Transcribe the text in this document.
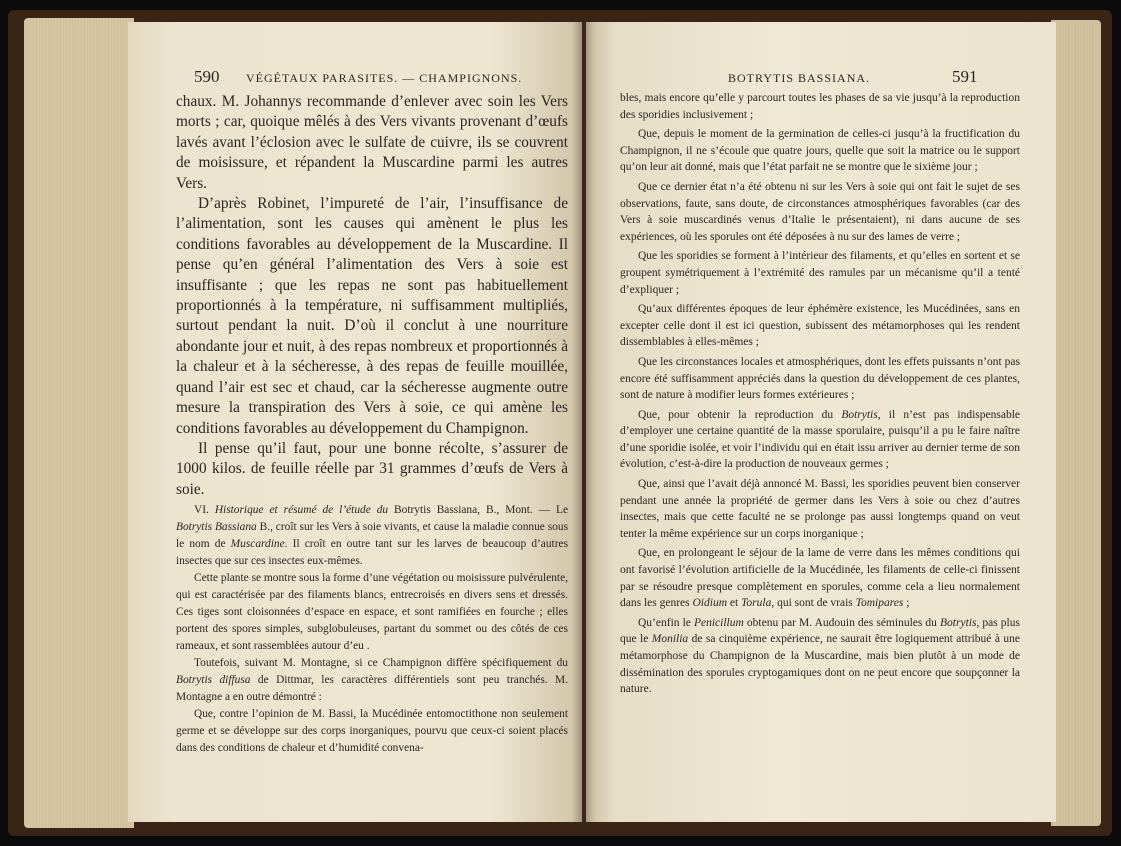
590 VÉGÉTAUX PARASITES. — CHAMPIGNONS.

chaux. M. Johannys recommande d’enlever avec soin les Vers morts ; car, quoique mêlés à des Vers vivants provenant d’œufs lavés avant l’éclosion avec le sulfate de cuivre, ils se couvrent de moisissure, et répandent la Muscardine parmi les autres Vers.

D’après Robinet, l’impureté de l’air, l’insuffisance de l’alimentation, sont les causes qui amènent le plus les conditions favorables au développement de la Muscardine. Il pense qu’en général l’alimentation des Vers à soie est insuffisante ; que les repas ne sont pas habituellement proportionnés à la température, ni suffisamment multipliés, surtout pendant la nuit. D’où il conclut à une nourriture abondante jour et nuit, à des repas nombreux et proportionnés à la chaleur et à la sécheresse, à des repas de feuille mouillée, quand l’air est sec et chaud, car la sécheresse augmente outre mesure la transpiration des Vers à soie, ce qui amène les conditions favorables au développement du Champignon.

Il pense qu’il faut, pour une bonne récolte, s’assurer de 1000 kilos. de feuille réelle par 31 grammes d’œufs de Vers à soie.

VI. Historique et résumé de l’étude du Botrytis Bassiana, B., Mont. — Le Botrytis Bassiana B., croît sur les Vers à soie vivants, et cause la maladie connue sous le nom de Muscardine. Il croît en outre tant sur les larves de beaucoup d’autres insectes que sur ces insectes eux-mêmes.

Cette plante se montre sous la forme d’une végétation ou moisissure pulvérulente, qui est caractérisée par des filaments blancs, entrecroisés en divers sens et dressés. Ces tiges sont cloisonnées d’espace en espace, et sont ramifiées en fourche ; elles portent des spores simples, subglobuleuses, partant du sommet ou des côtés de ces rameaux, et sont rassemblées autour d’eu .

Toutefois, suivant M. Montagne, si ce Champignon diffère spécifiquement du Botrytis diffusa de Dittmar, les caractères différentiels sont peu tranchés. M. Montagne a en outre démontré :

Que, contre l’opinion de M. Bassi, la Mucédinée entomoctithone non seulement germe et se développe sur des corps inorganiques, pourvu que ceux-ci soient placés dans des conditions de chaleur et d’humidité convena-

BOTRYTIS BASSIANA.	591

bles, mais encore qu’elle y parcourt toutes les phases de sa vie jusqu’à la reproduction des sporidies inclusivement ;

Que, depuis le moment de la germination de celles-ci jusqu’à la fructification du Champignon, il ne s’écoule que quatre jours, quelle que soit la matrice ou le support qu’on leur ait donné, mais que l’état parfait ne se montre que le sixième jour ;

Que ce dernier état n’a été obtenu ni sur les Vers à soie qui ont fait le sujet de ses observations, faute, sans doute, de circonstances atmosphériques favorables (car des Vers à soie muscardinés venus d’Italie le présentaient), ni dans aucune de ses expériences, où les sporules ont été déposées à nu sur des lames de verre ;

Que les sporidies se forment à l’intérieur des filaments, et qu’elles en sortent et se groupent symétriquement à l’extrémité des ramules par un mécanisme qu’il a tenté d’expliquer ;

Qu’aux différentes époques de leur éphémère existence, les Mucédinées, sans en excepter celle dont il est ici question, subissent des métamorphoses qui les rendent dissemblables à elles-mêmes ;

Que les circonstances locales et atmosphériques, dont les effets puissants n’ont pas encore été suffisamment appréciés dans la question du développement de ces plantes, sont de nature à modifier leurs formes extérieures ;

Que, pour obtenir la reproduction du Botrytis, il n’est pas indispensable d’employer une certaine quantité de la masse sporulaire, puisqu’il a pu le faire naître d’une sporidie isolée, et voir l’individu qui en était issu arriver au dernier terme de son évolution, c’est-à-dire la production de nouveaux germes ;

Que, ainsi que l’avait déjà annoncé M. Bassi, les sporidies peuvent bien conserver pendant une année la propriété de germer dans les Vers à soie ou chez d’autres insectes, mais que cette faculté ne se prolonge pas aussi longtemps quand on veut tenter la même expérience sur un corps inorganique ;

Que, en prolongeant le séjour de la lame de verre dans les mêmes conditions qui ont favorisé l’évolution artificielle de la Mucédinée, les filaments de celle-ci finissent par se résoudre presque complètement en sporules, comme cela a lieu normalement dans les genres Oidium et Torula, qui sont de vrais Tomipares ;

Qu’enfin le Penicillum obtenu par M. Audouin des séminules du Botrytis, pas plus que le Monilia de sa cinquième expérience, ne saurait être logiquement attribué à une métamorphose du Champignon de la Muscardine, mais bien plutôt à un mode de dissémination des sporules cryptogamiques dont on ne peut encore que soupçonner la nature.
